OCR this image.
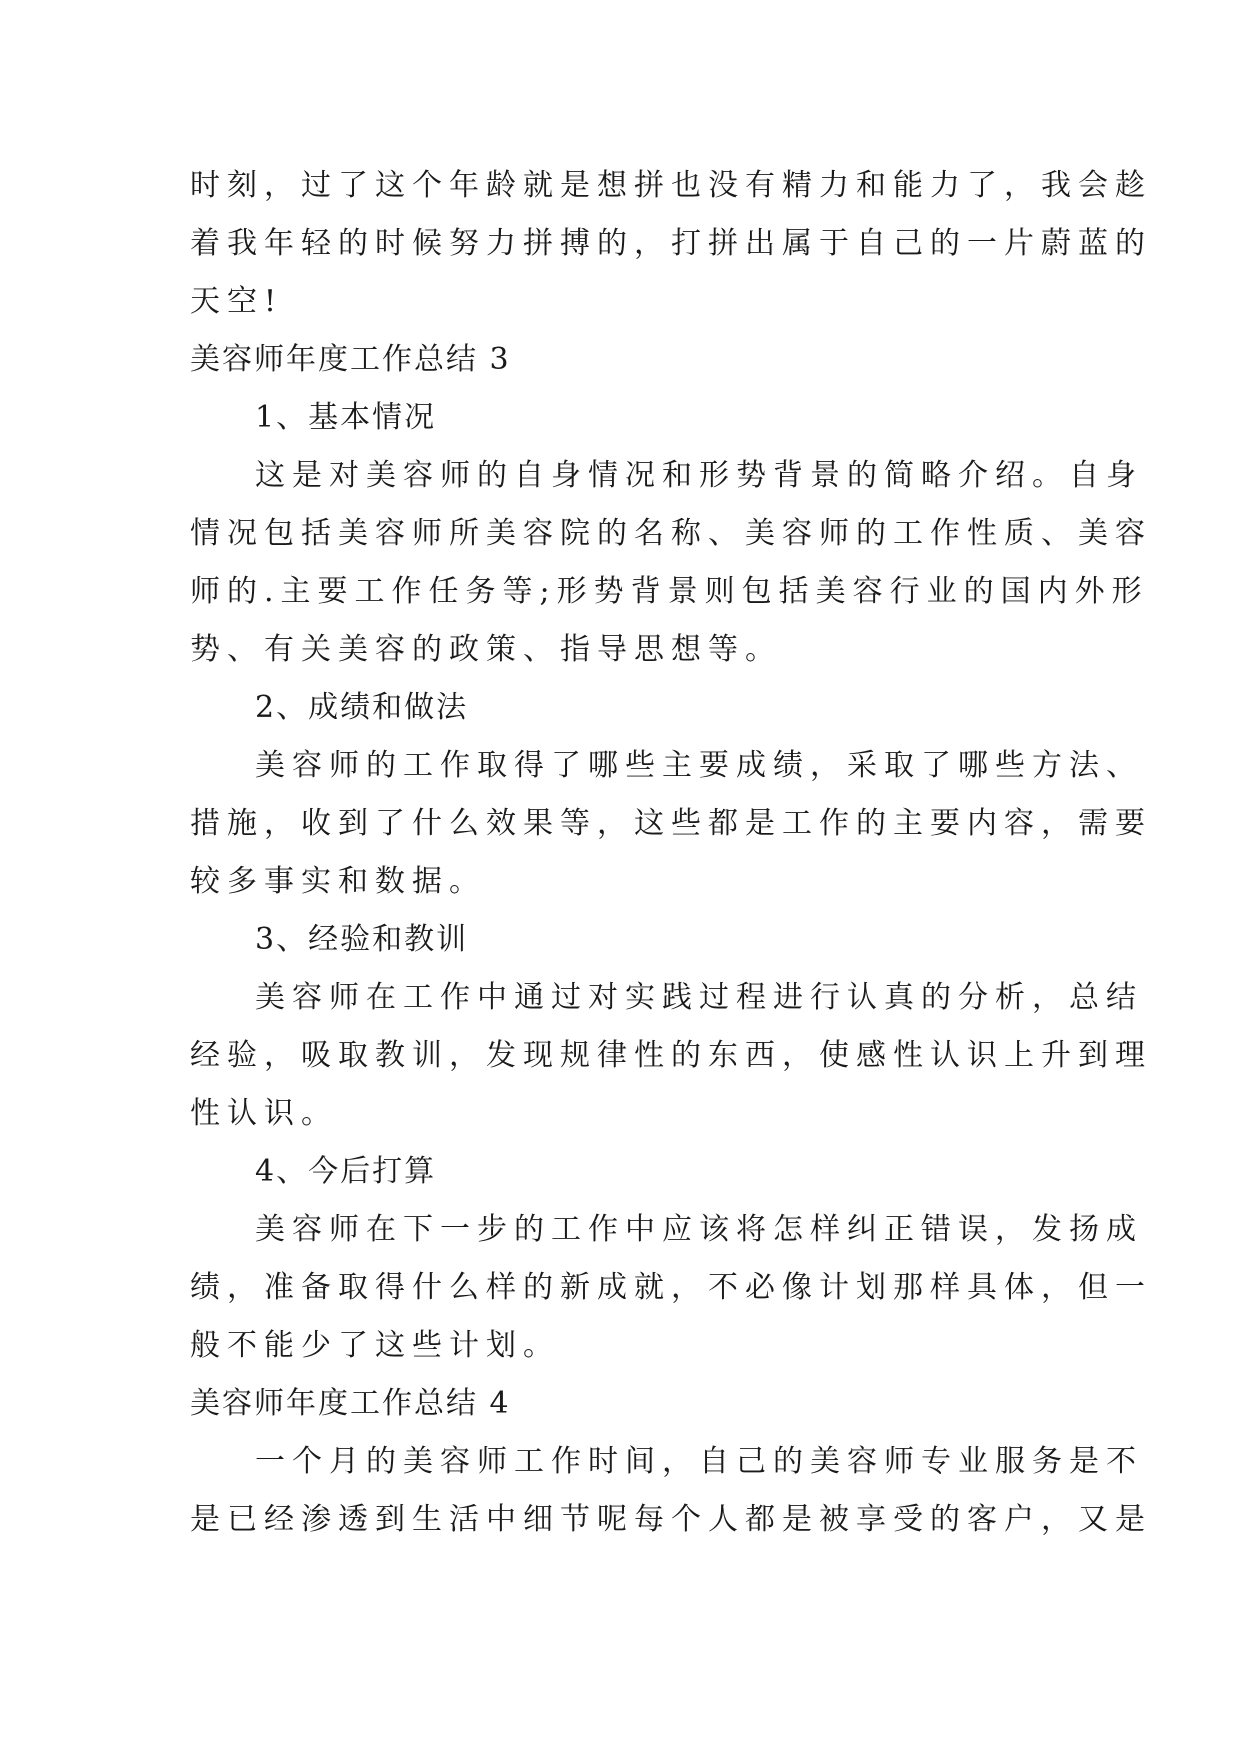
时刻，过了这个年龄就是想拼也没有精力和能力了，我会趁
着我年轻的时候努力拼搏的，打拼出属于自己的一片蔚蓝的
天空!
美容师年度工作总结 3
1、基本情况
这是对美容师的自身情况和形势背景的简略介绍。自身
情况包括美容师所美容院的名称、美容师的工作性质、美容
师的.主要工作任务等;形势背景则包括美容行业的国内外形
势、有关美容的政策、指导思想等。
2、成绩和做法
美容师的工作取得了哪些主要成绩，采取了哪些方法、
措施，收到了什么效果等，这些都是工作的主要内容，需要
较多事实和数据。
3、经验和教训
美容师在工作中通过对实践过程进行认真的分析，总结
经验，吸取教训，发现规律性的东西，使感性认识上升到理
性认识。
4、今后打算
美容师在下一步的工作中应该将怎样纠正错误，发扬成
绩，准备取得什么样的新成就，不必像计划那样具体，但一
般不能少了这些计划。
美容师年度工作总结 4
一个月的美容师工作时间，自己的美容师专业服务是不
是已经渗透到生活中细节呢每个人都是被享受的客户，又是
